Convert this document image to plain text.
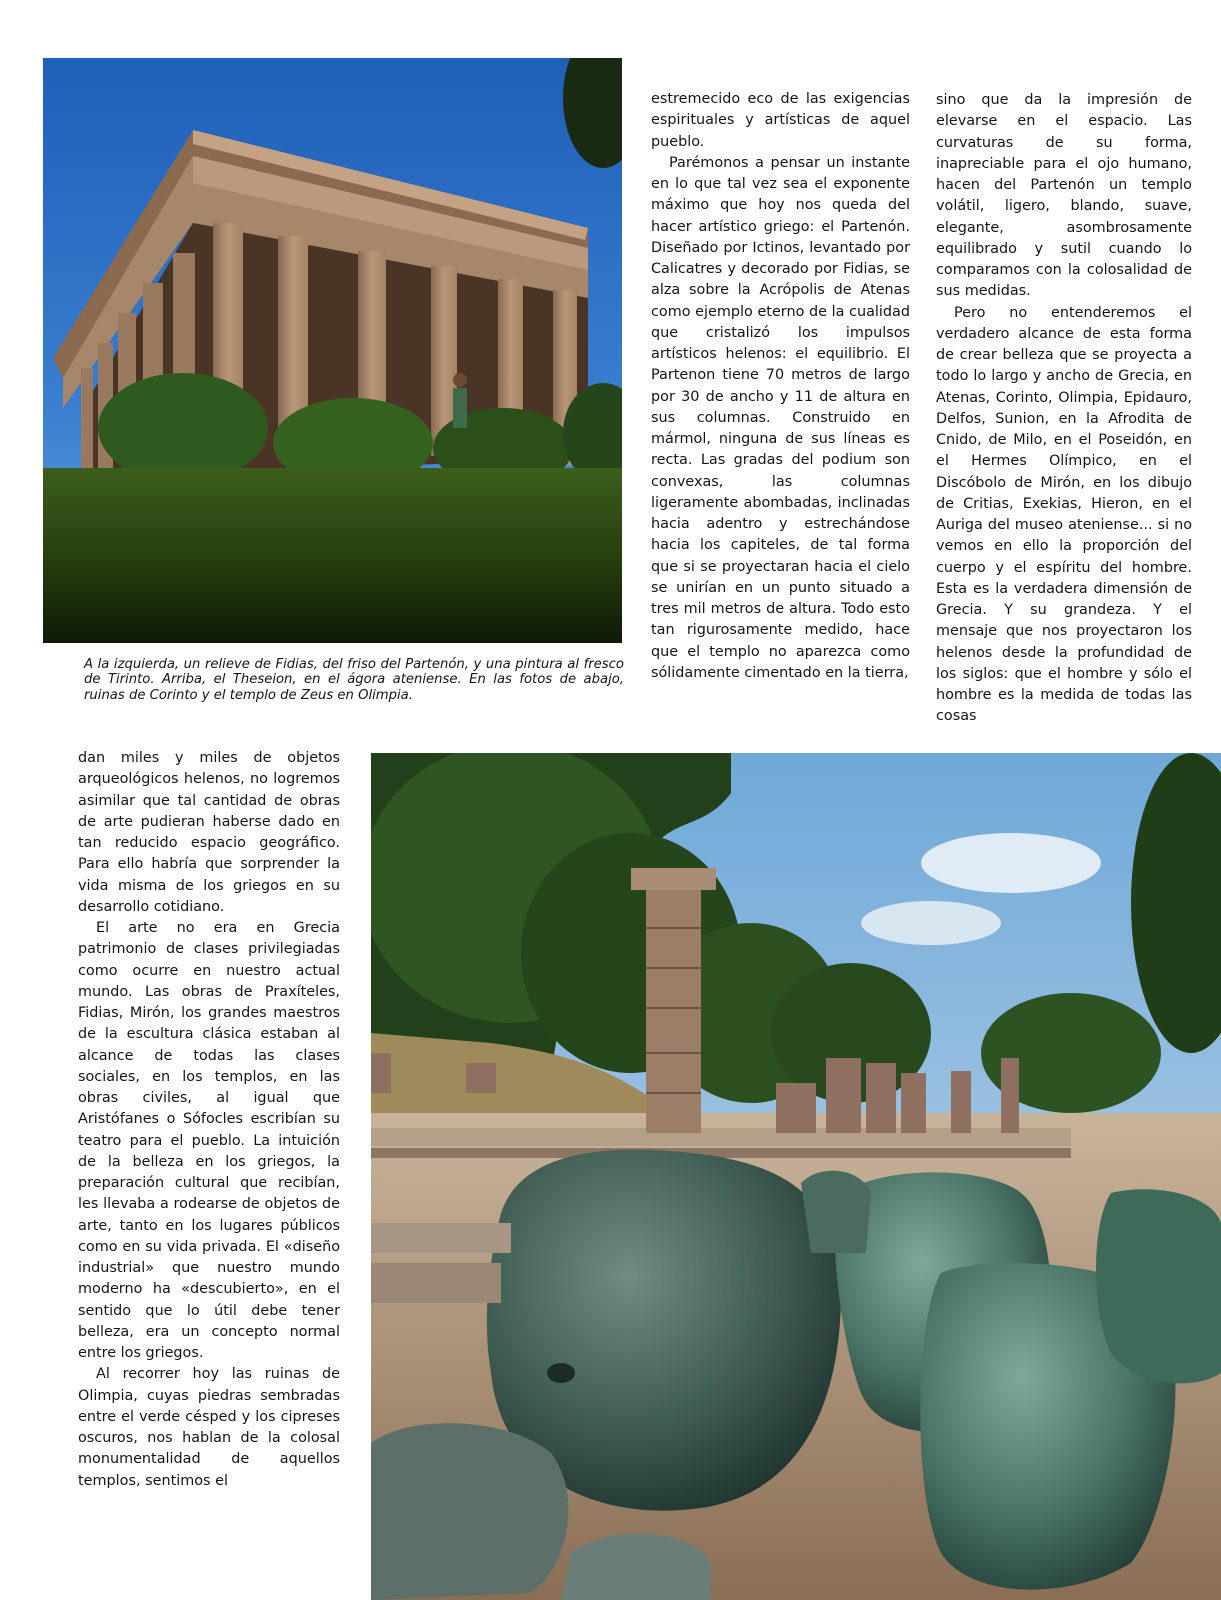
A la izquierda, un relieve de Fidias, del friso del Partenón, y una pintura al fresco de Tirinto. Arriba, el Theseion, en el ágora ateniense. En las fotos de abajo, ruinas de Corinto y el templo de Zeus en Olimpia.

estremecido eco de las exigencias espirituales y artísticas de aquel pueblo.

Parémonos a pensar un instante en lo que tal vez sea el exponente máximo que hoy nos queda del hacer artístico griego: el Partenón. Diseñado por Ictinos, levantado por Calicatres y decorado por Fidias, se alza sobre la Acrópolis de Atenas como ejemplo eterno de la cualidad que cristalizó los impulsos artísticos helenos: el equilibrio. El Partenon tiene 70 metros de largo por 30 de ancho y 11 de altura en sus columnas. Construido en mármol, ninguna de sus líneas es recta. Las gradas del podium son convexas, las columnas ligeramente abombadas, inclinadas hacia adentro y estrechándose hacia los capiteles, de tal forma que si se proyectaran hacia el cielo se unirían en un punto situado a tres mil metros de altura. Todo esto tan rigurosamente medido, hace que el templo no aparezca como sólidamente cimentado en la tierra,

sino que da la impresión de elevarse en el espacio. Las curvaturas de su forma, inapreciable para el ojo humano, hacen del Partenón un templo volátil, ligero, blando, suave, elegante, asombrosamente equilibrado y sutil cuando lo comparamos con la colosalidad de sus medidas.

Pero no entenderemos el verdadero alcance de esta forma de crear belleza que se proyecta a todo lo largo y ancho de Grecia, en Atenas, Corinto, Olimpia, Epidauro, Delfos, Sunion, en la Afrodita de Cnido, de Milo, en el Poseidón, en el Hermes Olímpico, en el Discóbolo de Mirón, en los dibujo de Critias, Exekias, Hieron, en el Auriga del museo ateniense... si no vemos en ello la proporción del cuerpo y el espíritu del hombre. Esta es la verdadera dimensión de Grecia. Y su grandeza. Y el mensaje que nos proyectaron los helenos desde la profundidad de los siglos: que el hombre y sólo el hombre es la medida de todas las cosas

dan miles y miles de objetos arqueológicos helenos, no logremos asimilar que tal cantidad de obras de arte pudieran haberse dado en tan reducido espacio geográfico. Para ello habría que sorprender la vida misma de los griegos en su desarrollo cotidiano.

El arte no era en Grecia patrimonio de clases privilegiadas como ocurre en nuestro actual mundo. Las obras de Praxíteles, Fidias, Mirón, los grandes maestros de la escultura clásica estaban al alcance de todas las clases sociales, en los templos, en las obras civiles, al igual que Aristófanes o Sófocles escribían su teatro para el pueblo. La intuición de la belleza en los griegos, la preparación cultural que recibían, les llevaba a rodearse de objetos de arte, tanto en los lugares públicos como en su vida privada. El «diseño industrial» que nuestro mundo moderno ha «descubierto», en el sentido que lo útil debe tener belleza, era un concepto normal entre los griegos.

Al recorrer hoy las ruinas de Olimpia, cuyas piedras sembradas entre el verde césped y los cipreses oscuros, nos hablan de la colosal monumentalidad de aquellos templos, sentimos el
